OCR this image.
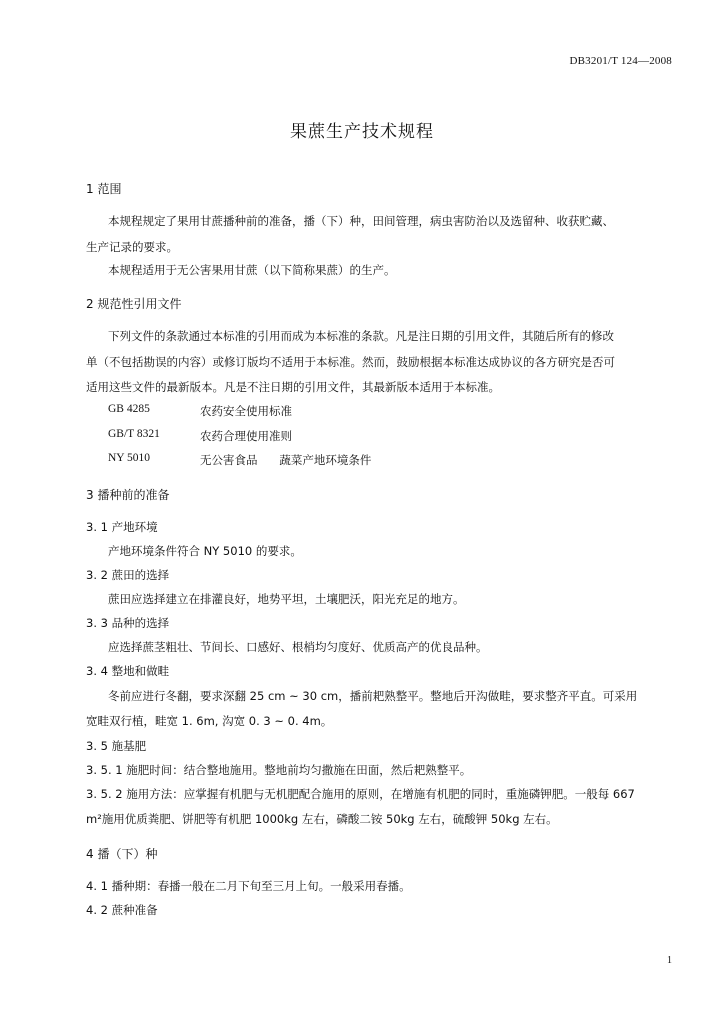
DB3201/T 124—2008
果蔗生产技术规程
1 范围
本规程规定了果用甘蔗播种前的准备，播（下）种，田间管理，病虫害防治以及选留种、收获贮藏、
生产记录的要求。
本规程适用于无公害果用甘蔗（以下简称果蔗）的生产。
2 规范性引用文件
下列文件的条款通过本标准的引用而成为本标准的条款。凡是注日期的引用文件，其随后所有的修改
单（不包括勘误的内容）或修订版均不适用于本标准。然而，鼓励根据本标准达成协议的各方研究是否可
适用这些文件的最新版本。凡是不注日期的引用文件，其最新版本适用于本标准。
GB 4285	农药安全使用标准
GB/T 8321	农药合理使用准则
NY 5010	无公害食品      蔬菜产地环境条件
3 播种前的准备
3. 1 产地环境
产地环境条件符合 NY 5010 的要求。
3. 2 蔗田的选择
蔗田应选择建立在排灌良好，地势平坦，土壤肥沃，阳光充足的地方。
3. 3 品种的选择
应选择蔗茎粗壮、节间长、口感好、根梢均匀度好、优质高产的优良品种。
3. 4 整地和做畦
冬前应进行冬翻，要求深翻 25 cm ~ 30 cm，播前耙熟整平。整地后开沟做畦，要求整齐平直。可采用
宽畦双行植，畦宽 1. 6m, 沟宽 0. 3 ~ 0. 4m。
3. 5 施基肥
3. 5. 1 施肥时间：结合整地施用。整地前均匀撒施在田面，然后耙熟整平。
3. 5. 2 施用方法：应掌握有机肥与无机肥配合施用的原则，在增施有机肥的同时，重施磷钾肥。一般每 667
m²施用优质粪肥、饼肥等有机肥 1000kg 左右，磷酸二铵 50kg 左右，硫酸钾 50kg 左右。
4 播（下）种
4. 1 播种期：春播一般在二月下旬至三月上旬。一般采用春播。
4. 2 蔗种准备
1
